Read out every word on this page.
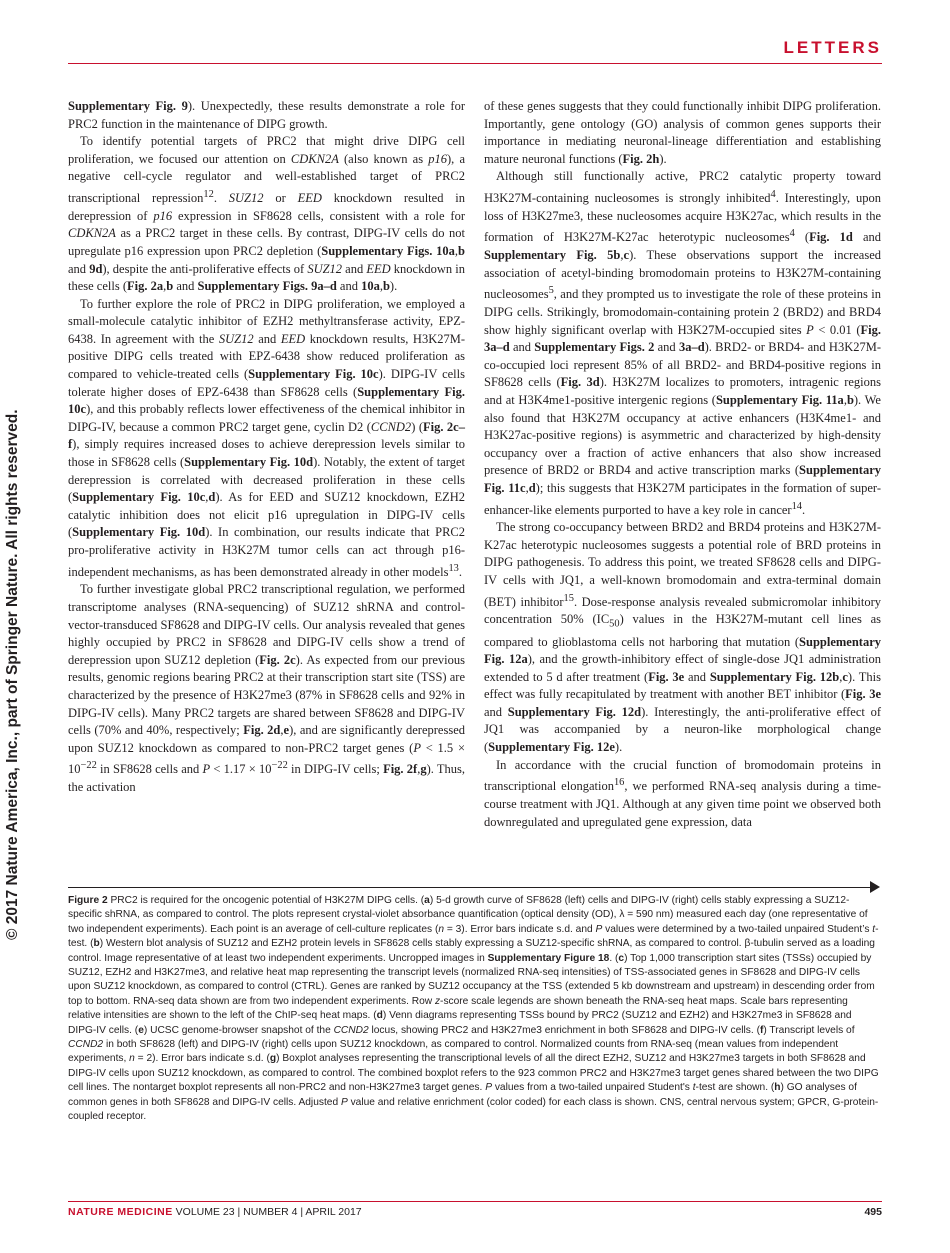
LETTERS
© 2017 Nature America, Inc., part of Springer Nature. All rights reserved.

Supplementary Fig. 9). Unexpectedly, these results demonstrate a role for PRC2 function in the maintenance of DIPG growth.

To identify potential targets of PRC2 that might drive DIPG cell proliferation, we focused our attention on CDKN2A (also known as p16), a negative cell-cycle regulator and well-established target of PRC2 transcriptional repression$^{12}$. SUZ12 or EED knockdown resulted in derepression of p16 expression in SF8628 cells, consistent with a role for CDKN2A as a PRC2 target in these cells. By contrast, DIPG-IV cells do not upregulate p16 expression upon PRC2 depletion (Supplementary Figs. 10a,b and 9d), despite the anti-proliferative effects of SUZ12 and EED knockdown in these cells (Fig. 2a,b and Supplementary Figs. 9a–d and 10a,b).

To further explore the role of PRC2 in DIPG proliferation, we employed a small-molecule catalytic inhibitor of EZH2 methyltransferase activity, EPZ-6438. In agreement with the SUZ12 and EED knockdown results, H3K27M-positive DIPG cells treated with EPZ-6438 show reduced proliferation as compared to vehicle-treated cells (Supplementary Fig. 10c). DIPG-IV cells tolerate higher doses of EPZ-6438 than SF8628 cells (Supplementary Fig. 10c), and this probably reflects lower effectiveness of the chemical inhibitor in DIPG-IV, because a common PRC2 target gene, cyclin D2 (CCND2) (Fig. 2c–f), simply requires increased doses to achieve derepression levels similar to those in SF8628 cells (Supplementary Fig. 10d). Notably, the extent of target derepression is correlated with decreased proliferation in these cells (Supplementary Fig. 10c,d). As for EED and SUZ12 knockdown, EZH2 catalytic inhibition does not elicit p16 upregulation in DIPG-IV cells (Supplementary Fig. 10d). In combination, our results indicate that PRC2 pro-proliferative activity in H3K27M tumor cells can act through p16-independent mechanisms, as has been demonstrated already in other models$^{13}$.

To further investigate global PRC2 transcriptional regulation, we performed transcriptome analyses (RNA-sequencing) of SUZ12 shRNA and control-vector-transduced SF8628 and DIPG-IV cells. Our analysis revealed that genes highly occupied by PRC2 in SF8628 and DIPG-IV cells show a trend of derepression upon SUZ12 depletion (Fig. 2c). As expected from our previous results, genomic regions bearing PRC2 at their transcription start site (TSS) are characterized by the presence of H3K27me3 (87% in SF8628 cells and 92% in DIPG-IV cells). Many PRC2 targets are shared between SF8628 and DIPG-IV cells (70% and 40%, respectively; Fig. 2d,e), and are significantly derepressed upon SUZ12 knockdown as compared to non-PRC2 target genes ($P < 1.5 \times 10^{-22}$ in SF8628 cells and $P < 1.17 \times 10^{-22}$ in DIPG-IV cells; Fig. 2f,g). Thus, the activation

of these genes suggests that they could functionally inhibit DIPG proliferation. Importantly, gene ontology (GO) analysis of common genes supports their importance in mediating neuronal-lineage differentiation and establishing mature neuronal functions (Fig. 2h).

Although still functionally active, PRC2 catalytic property toward H3K27M-containing nucleosomes is strongly inhibited$^4$. Interestingly, upon loss of H3K27me3, these nucleosomes acquire H3K27ac, which results in the formation of H3K27M-K27ac heterotypic nucleosomes$^4$ (Fig. 1d and Supplementary Fig. 5b,c). These observations support the increased association of acetyl-binding bromodomain proteins to H3K27M-containing nucleosomes$^5$, and they prompted us to investigate the role of these proteins in DIPG cells. Strikingly, bromodomain-containing protein 2 (BRD2) and BRD4 show highly significant overlap with H3K27M-occupied sites P < 0.01 (Fig. 3a–d and Supplementary Figs. 2 and 3a–d). BRD2- or BRD4- and H3K27M-co-occupied loci represent 85% of all BRD2- and BRD4-positive regions in SF8628 cells (Fig. 3d). H3K27M localizes to promoters, intragenic regions and at H3K4me1-positive intergenic regions (Supplementary Fig. 11a,b). We also found that H3K27M occupancy at active enhancers (H3K4me1- and H3K27ac-positive regions) is asymmetric and characterized by high-density occupancy over a fraction of active enhancers that also show increased presence of BRD2 or BRD4 and active transcription marks (Supplementary Fig. 11c,d); this suggests that H3K27M participates in the formation of super-enhancer-like elements purported to have a key role in cancer$^{14}$.

The strong co-occupancy between BRD2 and BRD4 proteins and H3K27M-K27ac heterotypic nucleosomes suggests a potential role of BRD proteins in DIPG pathogenesis. To address this point, we treated SF8628 cells and DIPG-IV cells with JQ1, a well-known bromodomain and extra-terminal domain (BET) inhibitor$^{15}$. Dose-response analysis revealed submicromolar inhibitory concentration 50% $(IC_{50})$ values in the H3K27M-mutant cell lines as compared to glioblastoma cells not harboring that mutation (Supplementary Fig. 12a), and the growth-inhibitory effect of single-dose JQ1 administration extended to 5 d after treatment (Fig. 3e and Supplementary Fig. 12b,c). This effect was fully recapitulated by treatment with another BET inhibitor (Fig. 3e and Supplementary Fig. 12d). Interestingly, the anti-proliferative effect of JQ1 was accompanied by a neuron-like morphological change (Supplementary Fig. 12e).

In accordance with the crucial function of bromodomain proteins in transcriptional elongation$^{16}$, we performed RNA-seq analysis during a time-course treatment with JQ1. Although at any given time point we observed both downregulated and upregulated gene expression, data

Figure 2 PRC2 is required for the oncogenic potential of H3K27M DIPG cells. (a) 5-d growth curve of SF8628 (left) cells and DIPG-IV (right) cells stably expressing a SUZ12-specific shRNA, as compared to control. The plots represent crystal-violet absorbance quantification (optical density (OD), λ = 590 nm) measured each day (one representative of two independent experiments). Each point is an average of cell-culture replicates (n = 3). Error bars indicate s.d. and P values were determined by a two-tailed unpaired Student’s t-test. (b) Western blot analysis of SUZ12 and EZH2 protein levels in SF8628 cells stably expressing a SUZ12-specific shRNA, as compared to control. β-tubulin served as a loading control. Image representative of at least two independent experiments. Uncropped images in Supplementary Figure 18. (c) Top 1,000 transcription start sites (TSSs) occupied by SUZ12, EZH2 and H3K27me3, and relative heat map representing the transcript levels (normalized RNA-seq intensities) of TSS-associated genes in SF8628 and DIPG-IV cells upon SUZ12 knockdown, as compared to control (CTRL). Genes are ranked by SUZ12 occupancy at the TSS (extended 5 kb downstream and upstream) in descending order from top to bottom. RNA-seq data shown are from two independent experiments. Row z-score scale legends are shown beneath the RNA-seq heat maps. Scale bars representing relative intensities are shown to the left of the ChIP-seq heat maps. (d) Venn diagrams representing TSSs bound by PRC2 (SUZ12 and EZH2) and H3K27me3 in SF8628 and DIPG-IV cells. (e) UCSC genome-browser snapshot of the CCND2 locus, showing PRC2 and H3K27me3 enrichment in both SF8628 and DIPG-IV cells. (f) Transcript levels of CCND2 in both SF8628 (left) and DIPG-IV (right) cells upon SUZ12 knockdown, as compared to control. Normalized counts from RNA-seq (mean values from independent experiments, n = 2). Error bars indicate s.d. (g) Boxplot analyses representing the transcriptional levels of all the direct EZH2, SUZ12 and H3K27me3 targets in both SF8628 and DIPG-IV cells upon SUZ12 knockdown, as compared to control. The combined boxplot refers to the 923 common PRC2 and H3K27me3 target genes shared between the two DIPG cell lines. The nontarget boxplot represents all non-PRC2 and non-H3K27me3 target genes. P values from a two-tailed unpaired Student's t-test are shown. (h) GO analyses of common genes in both SF8628 and DIPG-IV cells. Adjusted P value and relative enrichment (color coded) for each class is shown. CNS, central nervous system; GPCR, G-protein-coupled receptor.

NATURE MEDICINE VOLUME 23 | NUMBER 4 | APRIL 2017	495
